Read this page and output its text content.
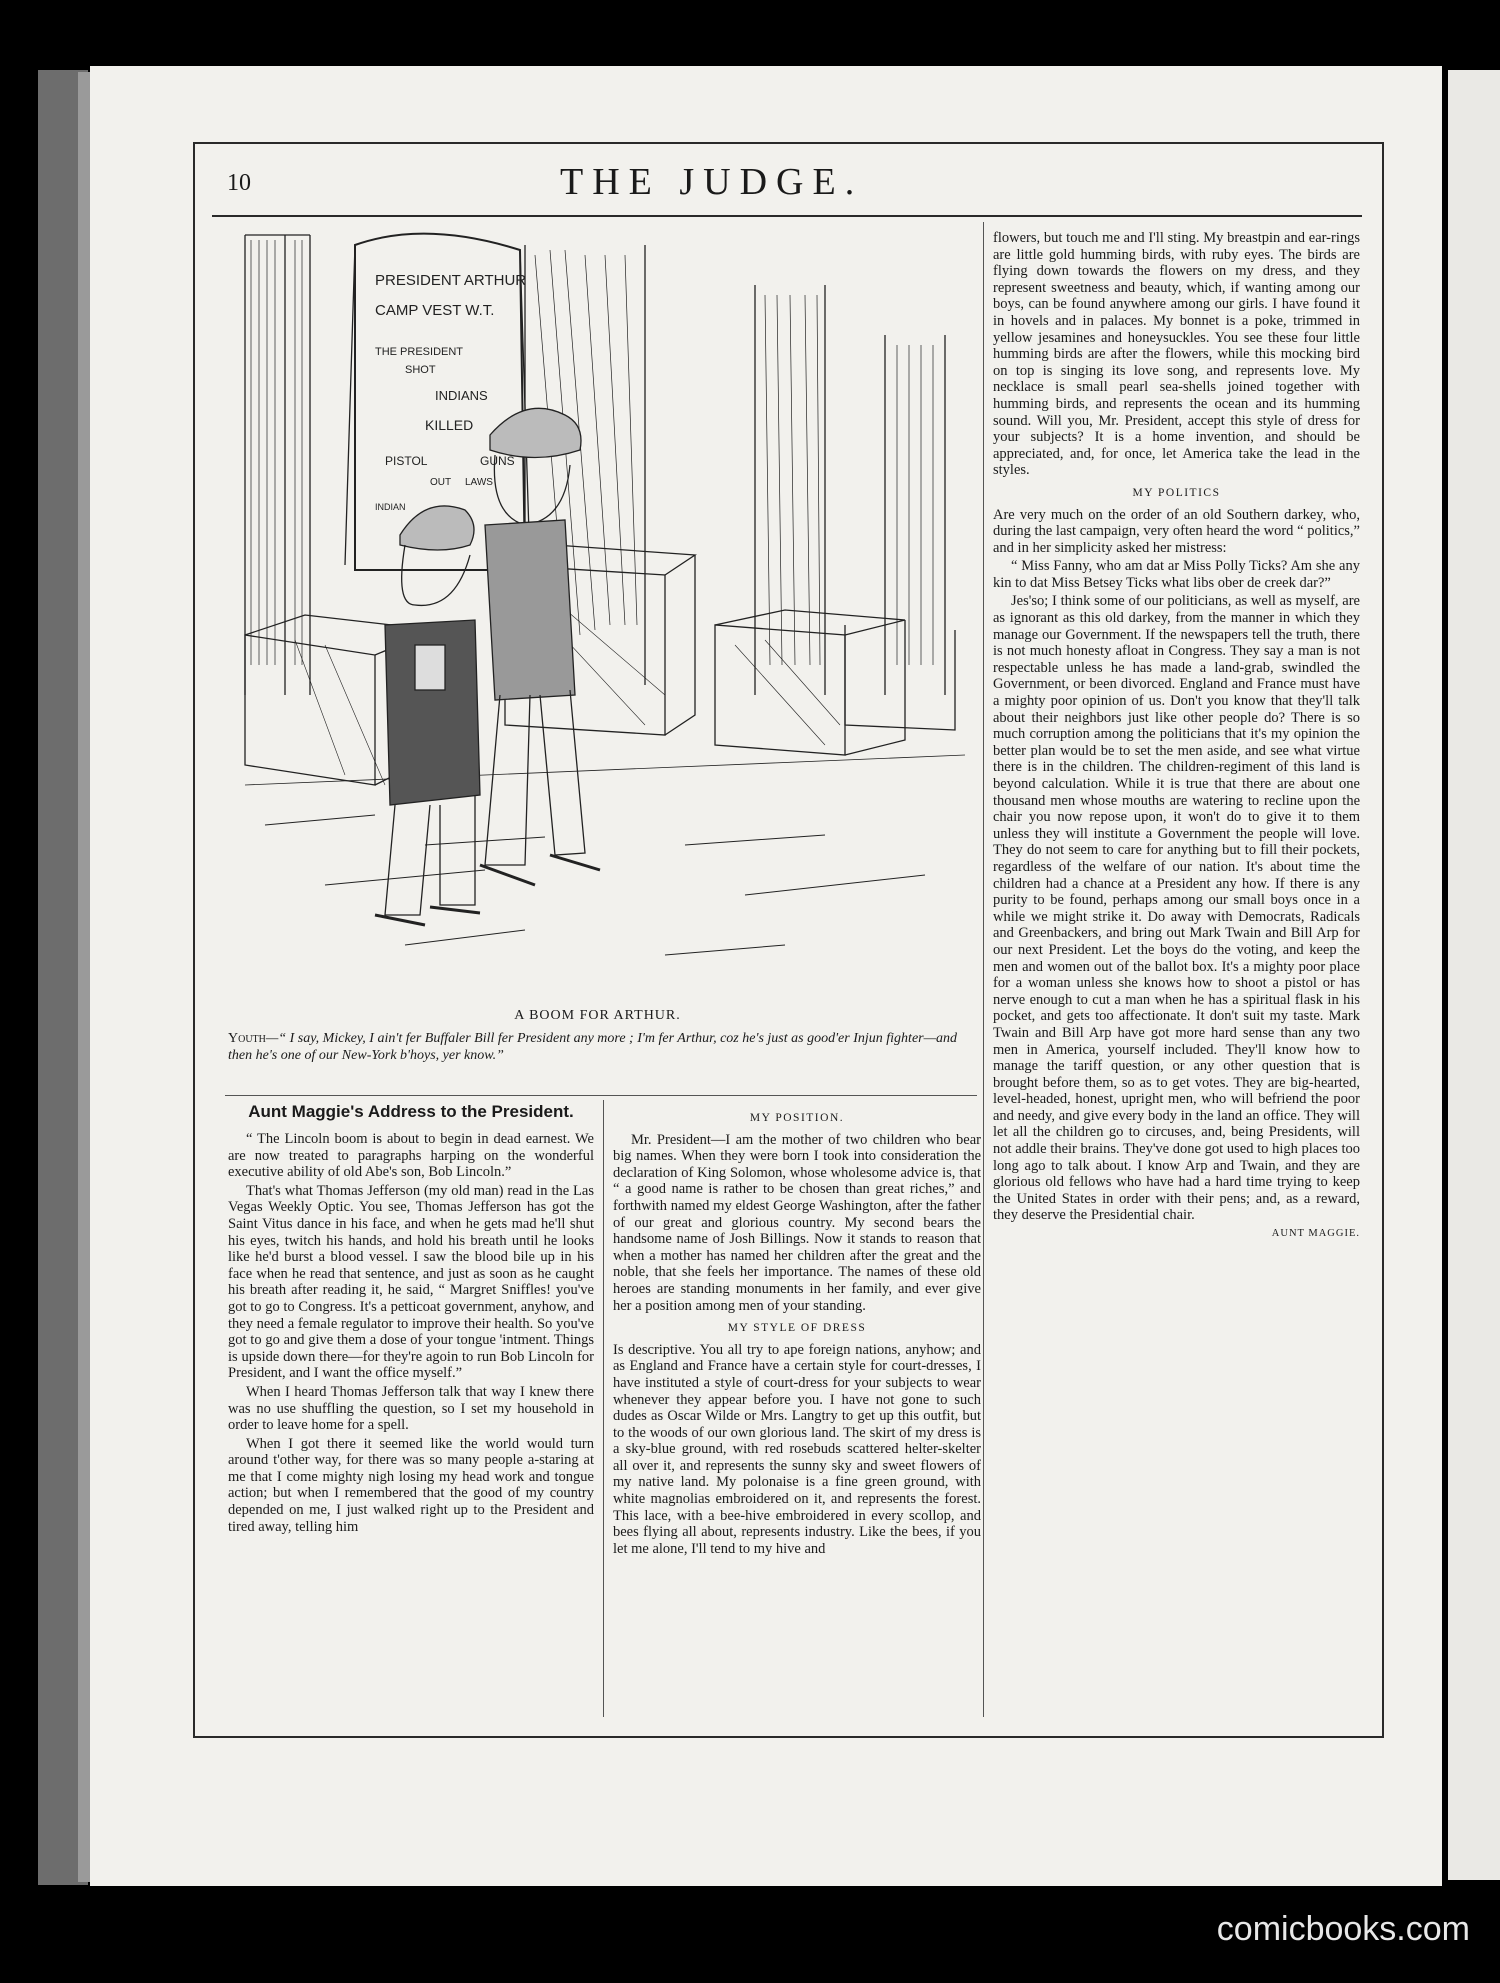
10	THE JUDGE.
PRESIDENT ARTHUR
CAMP VEST W.T.
THE PRESIDENT
SHOT
INDIANS
KILLED
PISTOL	GUNS
OUT LAWS
INDIAN
A BOOM FOR ARTHUR.
Youth—“ I say, Mickey, I ain't fer Buffaler Bill fer President any more ; I'm fer Arthur, coz he's just as good'er Injun fighter—and then he's one of our New-York b'hoys, yer know.”
Aunt Maggie's Address to the President.

“ The Lincoln boom is about to begin in dead earnest. We are now treated to paragraphs harping on the wonderful executive ability of old Abe's son, Bob Lincoln.”

That's what Thomas Jefferson (my old man) read in the Las Vegas Weekly Optic. You see, Thomas Jefferson has got the Saint Vitus dance in his face, and when he gets mad he'll shut his eyes, twitch his hands, and hold his breath until he looks like he'd burst a blood vessel. I saw the blood bile up in his face when he read that sentence, and just as soon as he caught his breath after reading it, he said, “ Margret Sniffles! you've got to go to Congress. It's a petticoat government, anyhow, and they need a female regulator to improve their health. So you've got to go and give them a dose of your tongue 'intment. Things is upside down there—for they're agoin to run Bob Lincoln for President, and I want the office myself.”

When I heard Thomas Jefferson talk that way I knew there was no use shuffling the question, so I set my household in order to leave home for a spell.

When I got there it seemed like the world would turn around t'other way, for there was so many people a-staring at me that I come mighty nigh losing my head work and tongue action; but when I remembered that the good of my country depended on me, I just walked right up to the President and tired away, telling him

MY POSITION.

Mr. President—I am the mother of two children who bear big names. When they were born I took into consideration the declaration of King Solomon, whose wholesome advice is, that “ a good name is rather to be chosen than great riches,” and forthwith named my eldest George Washington, after the father of our great and glorious country. My second bears the handsome name of Josh Billings. Now it stands to reason that when a mother has named her children after the great and the noble, that she feels her importance. The names of these old heroes are standing monuments in her family, and ever give her a position among men of your standing.

MY STYLE OF DRESS

Is descriptive. You all try to ape foreign nations, anyhow; and as England and France have a certain style for court-dresses, I have instituted a style of court-dress for your subjects to wear whenever they appear before you. I have not gone to such dudes as Oscar Wilde or Mrs. Langtry to get up this outfit, but to the woods of our own glorious land. The skirt of my dress is a sky-blue ground, with red rosebuds scattered helter-skelter all over it, and represents the sunny sky and sweet flowers of my native land. My polonaise is a fine green ground, with white magnolias embroidered on it, and represents the forest. This lace, with a bee-hive embroidered in every scollop, and bees flying all about, represents industry. Like the bees, if you let me alone, I'll tend to my hive and

flowers, but touch me and I'll sting. My breastpin and ear-rings are little gold humming birds, with ruby eyes. The birds are flying down towards the flowers on my dress, and they represent sweetness and beauty, which, if wanting among our boys, can be found anywhere among our girls. I have found it in hovels and in palaces. My bonnet is a poke, trimmed in yellow jesamines and honeysuckles. You see these four little humming birds are after the flowers, while this mocking bird on top is singing its love song, and represents love. My necklace is small pearl sea-shells joined together with humming birds, and represents the ocean and its humming sound. Will you, Mr. President, accept this style of dress for your subjects? It is a home invention, and should be appreciated, and, for once, let America take the lead in the styles.

MY POLITICS

Are very much on the order of an old Southern darkey, who, during the last campaign, very often heard the word “ politics,” and in her simplicity asked her mistress:

“ Miss Fanny, who am dat ar Miss Polly Ticks? Am she any kin to dat Miss Betsey Ticks what libs ober de creek dar?”

Jes'so; I think some of our politicians, as well as myself, are as ignorant as this old darkey, from the manner in which they manage our Government. If the newspapers tell the truth, there is not much honesty afloat in Congress. They say a man is not respectable unless he has made a land-grab, swindled the Government, or been divorced. England and France must have a mighty poor opinion of us. Don't you know that they'll talk about their neighbors just like other people do? There is so much corruption among the politicians that it's my opinion the better plan would be to set the men aside, and see what virtue there is in the children. The children-regiment of this land is beyond calculation. While it is true that there are about one thousand men whose mouths are watering to recline upon the chair you now repose upon, it won't do to give it to them unless they will institute a Government the people will love. They do not seem to care for anything but to fill their pockets, regardless of the welfare of our nation. It's about time the children had a chance at a President any how. If there is any purity to be found, perhaps among our small boys once in a while we might strike it. Do away with Democrats, Radicals and Greenbackers, and bring out Mark Twain and Bill Arp for our next President. Let the boys do the voting, and keep the men and women out of the ballot box. It's a mighty poor place for a woman unless she knows how to shoot a pistol or has nerve enough to cut a man when he has a spiritual flask in his pocket, and gets too affectionate. It don't suit my taste. Mark Twain and Bill Arp have got more hard sense than any two men in America, yourself included. They'll know how to manage the tariff question, or any other question that is brought before them, so as to get votes. They are big-hearted, level-headed, honest, upright men, who will befriend the poor and needy, and give every body in the land an office. They will let all the children go to circuses, and, being Presidents, will not addle their brains. They've done got used to high places too long ago to talk about. I know Arp and Twain, and they are glorious old fellows who have had a hard time trying to keep the United States in order with their pens; and, as a reward, they deserve the Presidential chair.

AUNT MAGGIE.
comicbooks.com
